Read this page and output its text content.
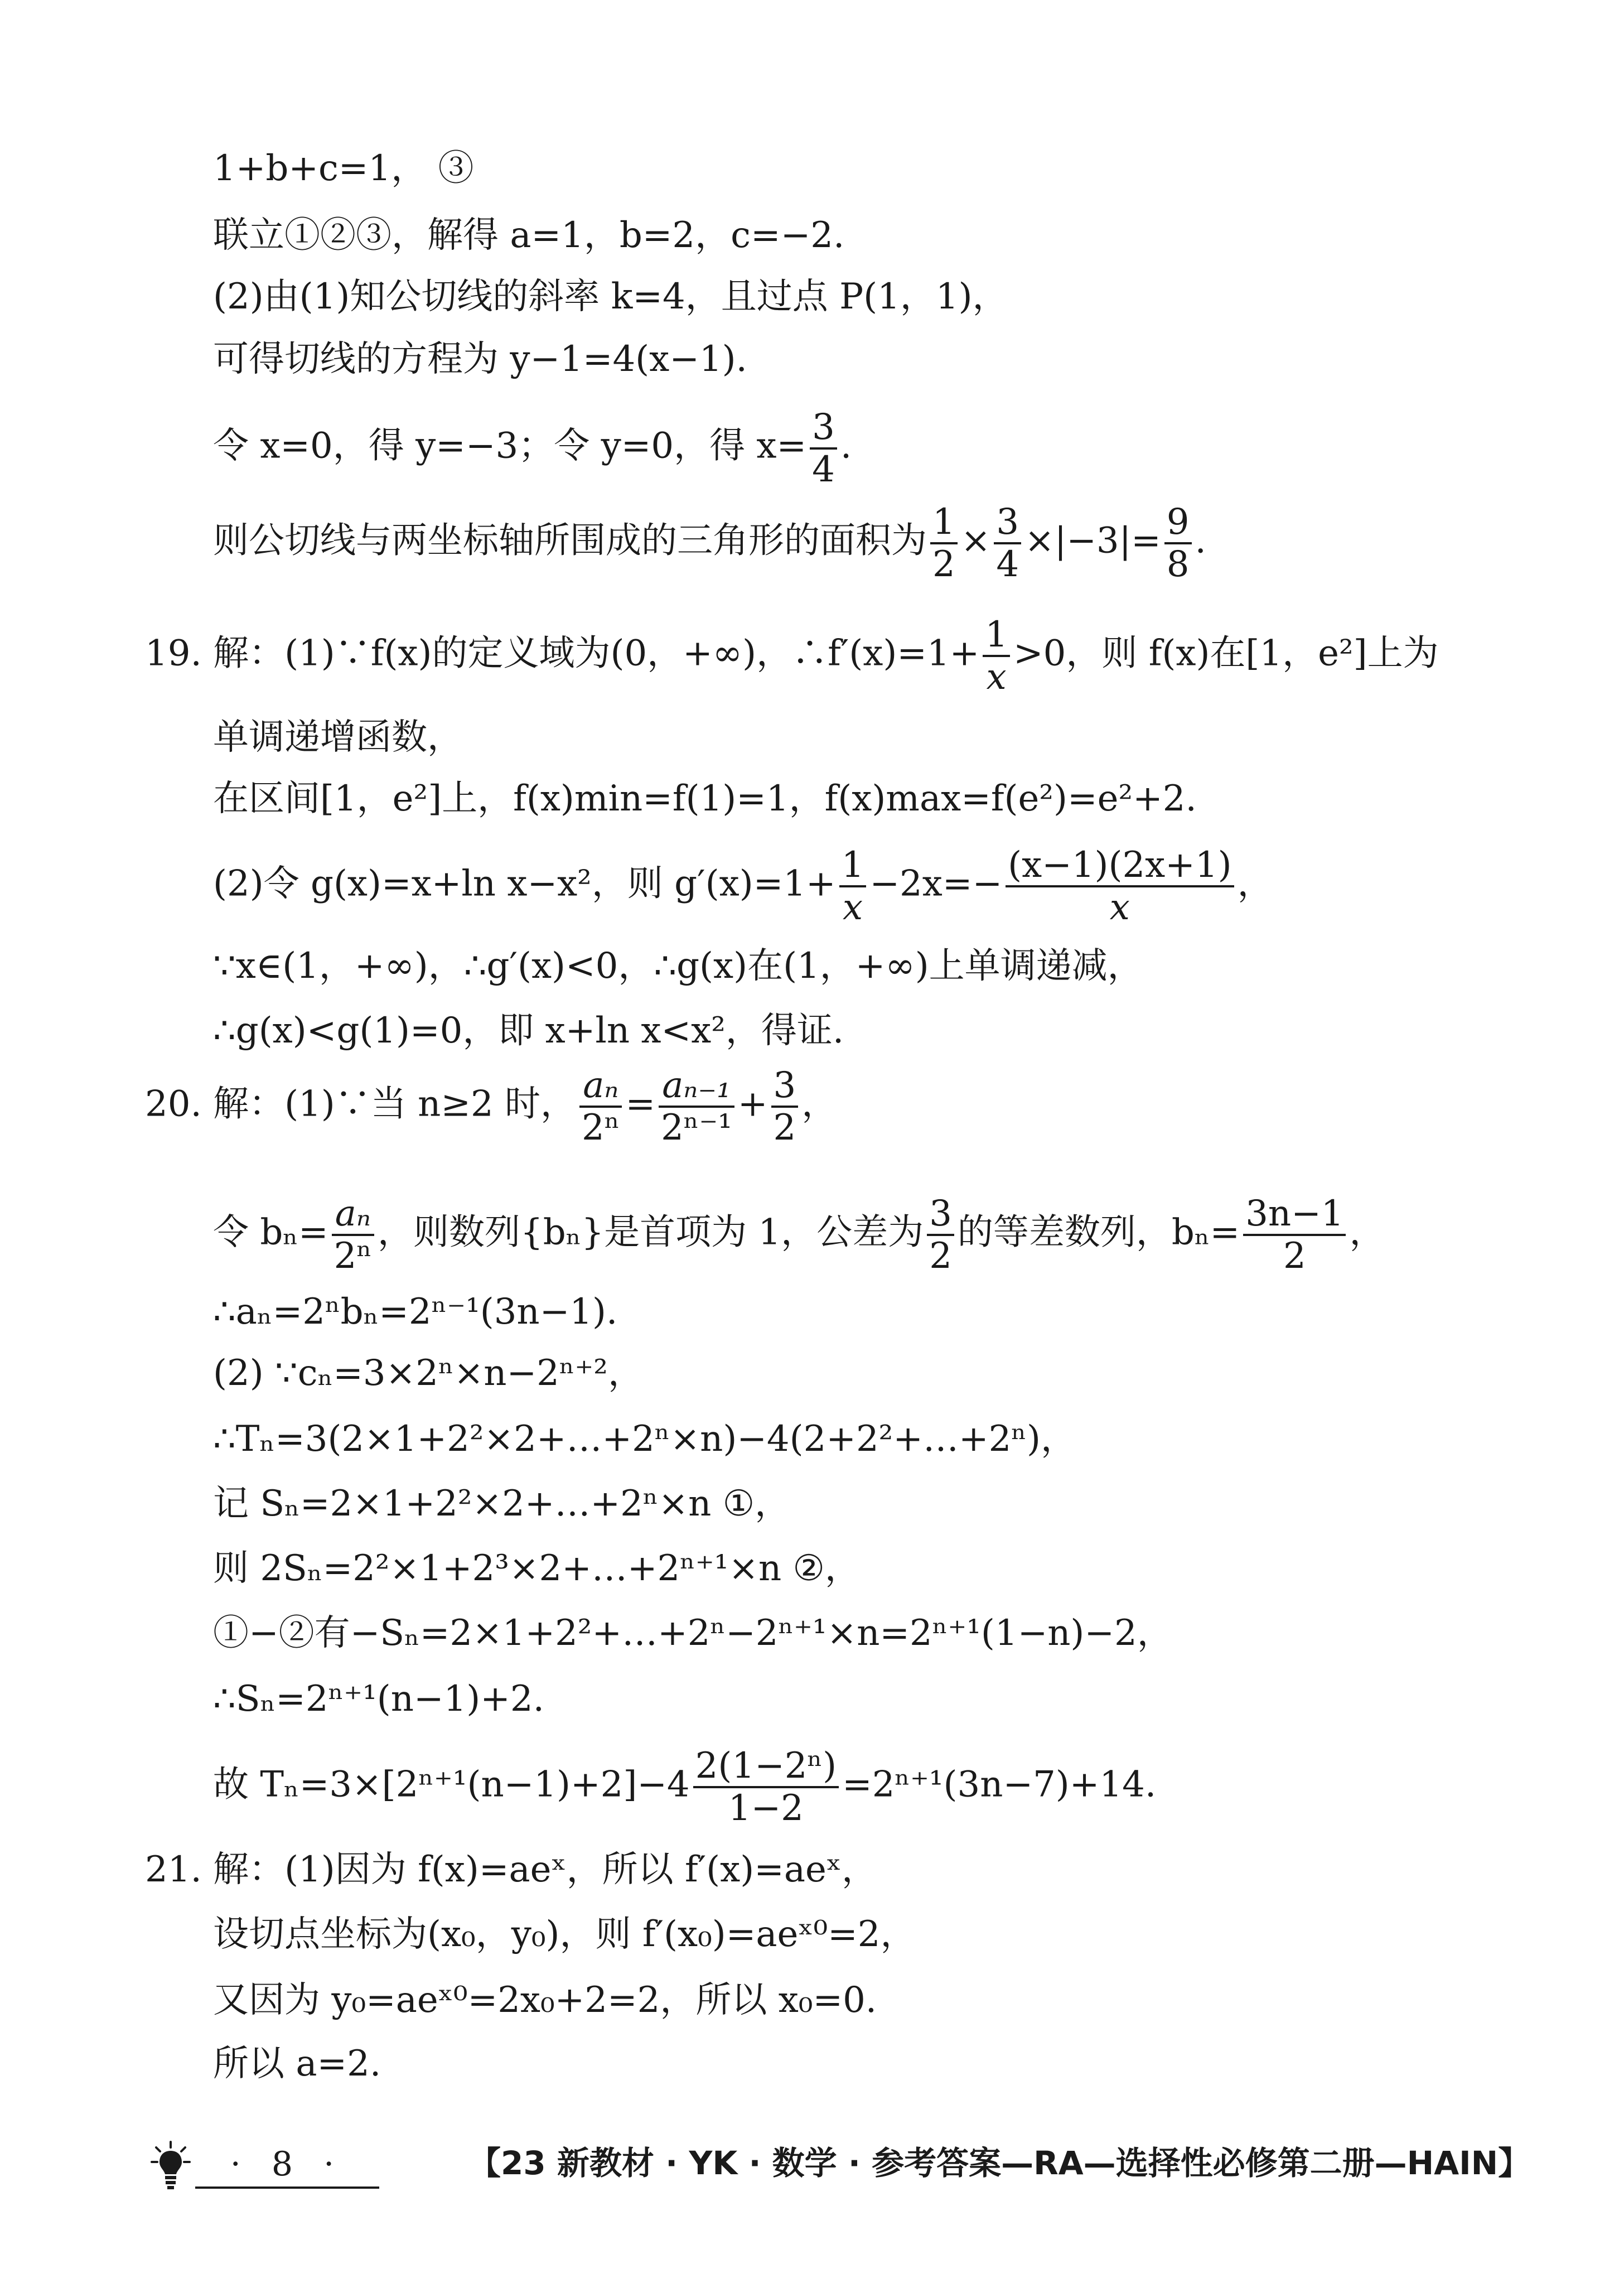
1+b+c=1， ③
联立①②③，解得 a=1，b=2，c=−2.
(2)由(1)知公切线的斜率 k=4，且过点 P(1，1)，
可得切线的方程为 y−1=4(x−1).
令 x=0，得 y=−3；令 y=0，得 $x= \frac{3}{4}$ .
则公切线与两坐标轴所围成的三角形的面积为 $\frac{1}{2} \times \frac{3}{4} \times|-3|= \frac{9}{8}$ .
19. 解：(1)∵f(x)的定义域为(0，+∞)，∴f′(x)=1+ $\frac{1}{x} >0$，则 f(x)在[1，e²]上为
单调递增函数，
在区间[1，e²]上，f(x)min=f(1)=1，f(x)max=f(e²)=e²+2.
(2)令 g(x)=x+ln x−x²，则 $g'(x)=1+ \frac{1}{x} -2x=- \frac{(x-1)(2x+1)}{x}$ ，
∵x∈(1，+∞)，∴g′(x)<0，∴g(x)在(1，+∞)上单调递减，
∴g(x)<g(1)=0，即 x+ln x<x²，得证.
20. 解：(1)∵当 n≥2 时， $\frac{\text{aₙ}}{\text{2ⁿ}} = \frac{\text{aₙ₋₁}}{\text{2ⁿ⁻¹}} + \frac{3}{2}$ ，
令 $b_n= \frac{\text{aₙ}}{\text{2ⁿ}}$ ，则数列{bₙ}是首项为 1，公差为 $\frac{3}{2}$ 的等差数列，$b_n= \frac{3n-1}{2}$ ，
∴aₙ=2ⁿbₙ=2ⁿ⁻¹(3n−1).
(2) ∵cₙ=3×2ⁿ×n−2ⁿ⁺²，
∴Tₙ=3(2×1+2²×2+…+2ⁿ×n)−4(2+2²+…+2ⁿ)，
记 Sₙ=2×1+2²×2+…+2ⁿ×n ①，
则 2Sₙ=2²×1+2³×2+…+2ⁿ⁺¹×n ②，
①−②有−Sₙ=2×1+2²+…+2ⁿ−2ⁿ⁺¹×n=2ⁿ⁺¹(1−n)−2，
∴Sₙ=2ⁿ⁺¹(n−1)+2.
故 $T_n=3\times[2^{n+1}(n-1)+2]-4 \frac{\text{2(1−2ⁿ)}}{1-2} =2^{n+1}(3n-7)+14$.
21. 解：(1)因为 f(x)=aeˣ，所以 f′(x)=aeˣ，
设切点坐标为(x₀，y₀)，则 f′(x₀)=aeˣ⁰=2，
又因为 y₀=aeˣ⁰=2x₀+2=2，所以 x₀=0.
所以 a=2.
· 8 ·	【23 新教材 · YK · 数学 · 参考答案—RA—选择性必修第二册—HAIN】
